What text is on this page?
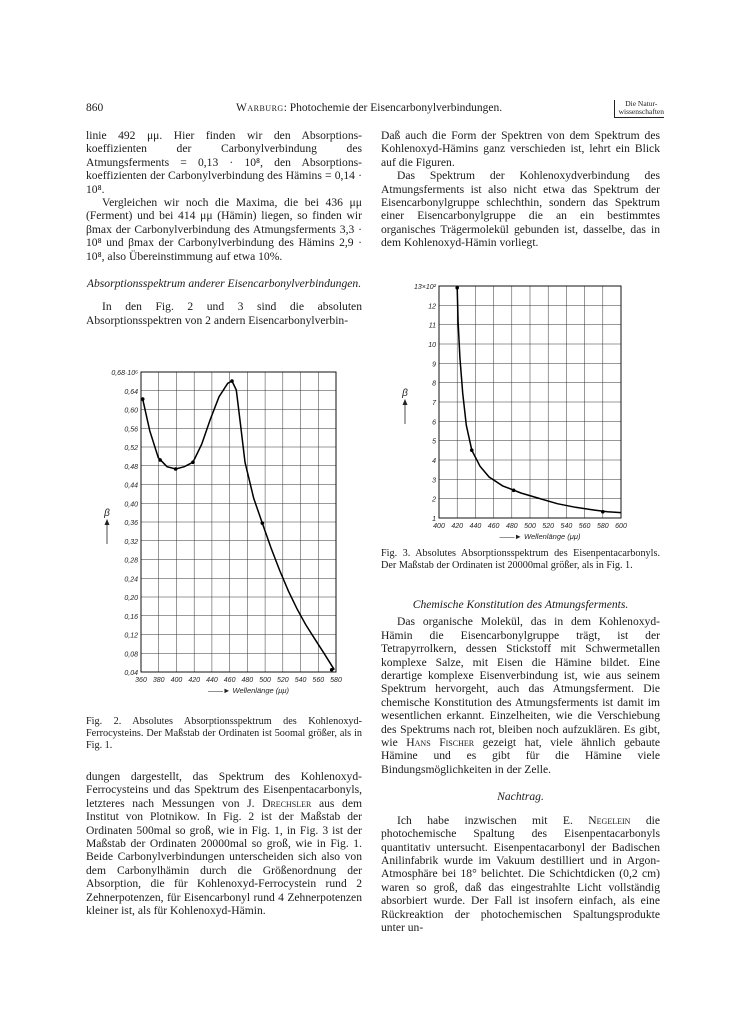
860	Warburg: Photochemie der Eisencarbonylverbindungen.	Die Natur-
wissenschaften

linie 492 μμ. Hier finden wir den Absorptions-koeffizienten der Carbonylverbindung des Atmungsferments = 0,13 · 10⁸, den Absorptions-koeffizienten der Carbonylverbindung des Hämins = 0,14 · 10⁸.

Vergleichen wir noch die Maxima, die bei 436 μμ (Ferment) und bei 414 μμ (Hämin) liegen, so finden wir βmax der Carbonylverbindung des Atmungsferments 3,3 · 10⁸ und βmax der Carbonylverbindung des Hämins 2,9 · 10⁸, also Übereinstimmung auf etwa 10%.

Absorptionsspektrum anderer Eisencarbonylverbindungen.

In den Fig. 2 und 3 sind die absoluten Absorptionsspektren von 2 andern Eisencarbonylverbin-

360 380 400 420 440 460 480 500 520 540 560 580
0,68·10⁶
0,64
0,60
0,56
0,52
0,48
0,44
0,40
0,36
0,32
0,28
0,24
0,20
0,16
0,12
0,08
0,04
——► Wellenlänge (μμ)
β

Fig. 2. Absolutes Absorptionsspektrum des Kohlenoxyd-Ferrocysteins. Der Maßstab der Ordinaten ist 5oomal größer, als in Fig. 1.

dungen dargestellt, das Spektrum des Kohlenoxyd-Ferrocysteins und das Spektrum des Eisenpentacarbonyls, letzteres nach Messungen von J. Drechsler aus dem Institut von Plotnikow. In Fig. 2 ist der Maßstab der Ordinaten 500mal so groß, wie in Fig. 1, in Fig. 3 ist der Maßstab der Ordinaten 20000mal so groß, wie in Fig. 1. Beide Carbonylverbindungen unterscheiden sich also von dem Carbonylhämin durch die Größenordnung der Absorption, die für Kohlenoxyd-Ferrocystein rund 2 Zehnerpotenzen, für Eisencarbonyl rund 4 Zehnerpotenzen kleiner ist, als für Kohlenoxyd-Hämin.

Daß auch die Form der Spektren von dem Spektrum des Kohlenoxyd-Hämins ganz verschieden ist, lehrt ein Blick auf die Figuren.

Das Spektrum der Kohlenoxydverbindung des Atmungsferments ist also nicht etwa das Spektrum der Eisencarbonylgruppe schlechthin, sondern das Spektrum einer Eisencarbonylgruppe die an ein bestimmtes organisches Trägermolekül gebunden ist, dasselbe, das in dem Kohlenoxyd-Hämin vorliegt.

400 420 440 460 480 500 520 540 560 580 600
13×10²
12
11
10
9
8
7
6
5
4
3
2
1
——► Wellenlänge (μμ)
β

Fig. 3. Absolutes Absorptionsspektrum des Eisenpentacarbonyls. Der Maßstab der Ordinaten ist 20000mal größer, als in Fig. 1.

Chemische Konstitution des Atmungsferments.

Das organische Molekül, das in dem Kohlenoxyd-Hämin die Eisencarbonylgruppe trägt, ist der Tetrapyrrolkern, dessen Stickstoff mit Schwermetallen komplexe Salze, mit Eisen die Hämine bildet. Eine derartige komplexe Eisenverbindung ist, wie aus seinem Spektrum hervorgeht, auch das Atmungsferment. Die chemische Konstitution des Atmungsferments ist damit im wesentlichen erkannt. Einzelheiten, wie die Verschiebung des Spektrums nach rot, bleiben noch aufzuklären. Es gibt, wie Hans Fischer gezeigt hat, viele ähnlich gebaute Hämine und es gibt für die Hämine viele Bindungsmöglichkeiten in der Zelle.

Nachtrag.

Ich habe inzwischen mit E. Negelein die photochemische Spaltung des Eisenpentacarbonyls quantitativ untersucht. Eisenpentacarbonyl der Badischen Anilinfabrik wurde im Vakuum destilliert und in Argon-Atmosphäre bei 18° belichtet. Die Schichtdicken (0,2 cm) waren so groß, daß das eingestrahlte Licht vollständig absorbiert wurde. Der Fall ist insofern einfach, als eine Rückreaktion der photochemischen Spaltungsprodukte unter un-
